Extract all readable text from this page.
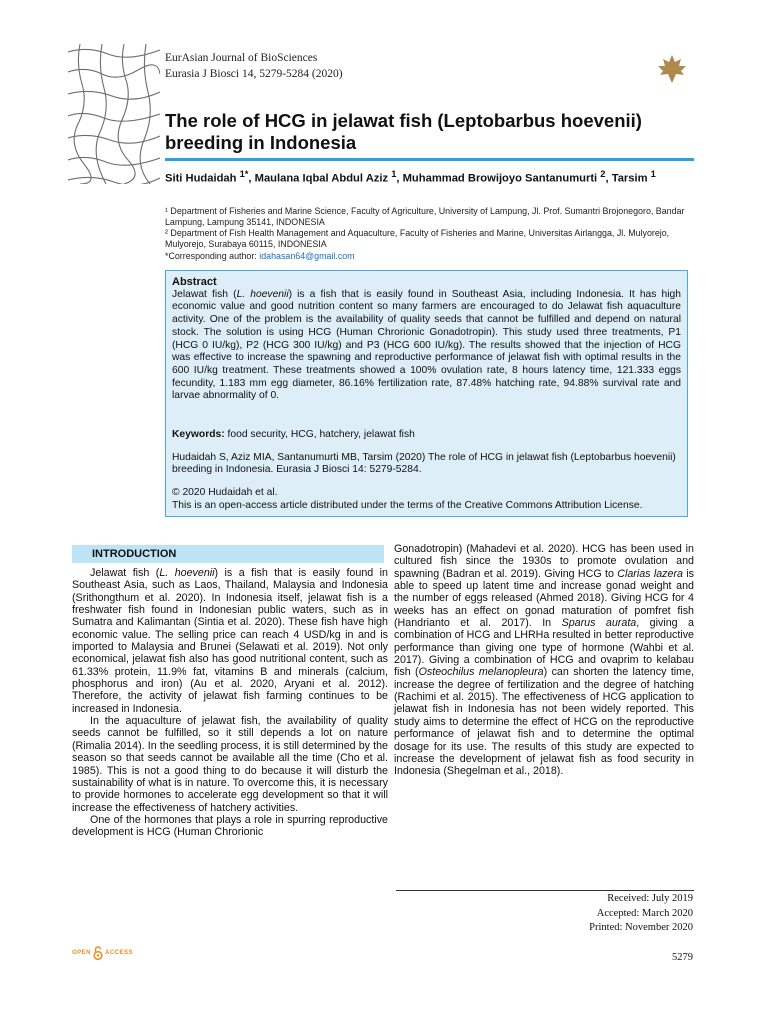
EurAsian Journal of BioSciences
Eurasia J Biosci 14, 5279-5284 (2020)
The role of HCG in jelawat fish (Leptobarbus hoevenii) breeding in Indonesia
Siti Hudaidah $^{1*}$, Maulana Iqbal Abdul Aziz $^1$, Muhammad Browijoyo Santanumurti $^2$, Tarsim $^1$
¹ Department of Fisheries and Marine Science, Faculty of Agriculture, University of Lampung, Jl. Prof. Sumantri Brojonegoro, Bandar Lampung, Lampung 35141, INDONESIA
² Department of Fish Health Management and Aquaculture, Faculty of Fisheries and Marine, Universitas Airlangga, Jl. Mulyorejo, Mulyorejo, Surabaya 60115, INDONESIA
*Corresponding author: idahasan64@gmail.com
Abstract
Jelawat fish (L. hoevenii) is a fish that is easily found in Southeast Asia, including Indonesia. It has high economic value and good nutrition content so many farmers are encouraged to do Jelawat fish aquaculture activity. One of the problem is the availability of quality seeds that cannot be fulfilled and depend on natural stock. The solution is using HCG (Human Chrorionic Gonadotropin). This study used three treatments, P1 (HCG 0 IU/kg), P2 (HCG 300 IU/kg) and P3 (HCG 600 IU/kg). The results showed that the injection of HCG was effective to increase the spawning and reproductive performance of jelawat fish with optimal results in the 600 IU/kg treatment. These treatments showed a 100% ovulation rate, 8 hours latency time, 121.333 eggs fecundity, 1.183 mm egg diameter, 86.16% fertilization rate, 87.48% hatching rate, 94.88% survival rate and larvae abnormality of 0.
Keywords: food security, HCG, hatchery, jelawat fish
Hudaidah S, Aziz MIA, Santanumurti MB, Tarsim (2020) The role of HCG in jelawat fish (Leptobarbus hoevenii) breeding in Indonesia. Eurasia J Biosci 14: 5279-5284.
© 2020 Hudaidah et al.
This is an open-access article distributed under the terms of the Creative Commons Attribution License.
INTRODUCTION

Jelawat fish (L. hoevenii) is a fish that is easily found in Southeast Asia, such as Laos, Thailand, Malaysia and Indonesia (Srithongthum et al. 2020). In Indonesia itself, jelawat fish is a freshwater fish found in Indonesian public waters, such as in Sumatra and Kalimantan (Sintia et al. 2020). These fish have high economic value. The selling price can reach 4 USD/kg in and is imported to Malaysia and Brunei (Selawati et al. 2019). Not only economical, jelawat fish also has good nutritional content, such as 61.33% protein, 11.9% fat, vitamins B and minerals (calcium, phosphorus and iron) (Au et al. 2020, Aryani et al. 2012). Therefore, the activity of jelawat fish farming continues to be increased in Indonesia.

In the aquaculture of jelawat fish, the availability of quality seeds cannot be fulfilled, so it still depends a lot on nature (Rimalia 2014). In the seedling process, it is still determined by the season so that seeds cannot be available all the time (Cho et al. 1985). This is not a good thing to do because it will disturb the sustainability of what is in nature. To overcome this, it is necessary to provide hormones to accelerate egg development so that it will increase the effectiveness of hatchery activities.

One of the hormones that plays a role in spurring reproductive development is HCG (Human Chrorionic

Gonadotropin) (Mahadevi et al. 2020). HCG has been used in cultured fish since the 1930s to promote ovulation and spawning (Badran et al. 2019). Giving HCG to Clarias lazera is able to speed up latent time and increase gonad weight and the number of eggs released (Ahmed 2018). Giving HCG for 4 weeks has an effect on gonad maturation of pomfret fish (Handrianto et al. 2017). In Sparus aurata, giving a combination of HCG and LHRHa resulted in better reproductive performance than giving one type of hormone (Wahbi et al. 2017). Giving a combination of HCG and ovaprim to kelabau fish (Osteochilus melanopleura) can shorten the latency time, increase the degree of fertilization and the degree of hatching (Rachimi et al. 2015). The effectiveness of HCG application to jelawat fish in Indonesia has not been widely reported. This study aims to determine the effect of HCG on the reproductive performance of jelawat fish and to determine the optimal dosage for its use. The results of this study are expected to increase the development of jelawat fish as food security in Indonesia (Shegelman et al., 2018).

Received: July 2019
Accepted: March 2020
Printed: November 2020
OPEN ACCESS	5279
